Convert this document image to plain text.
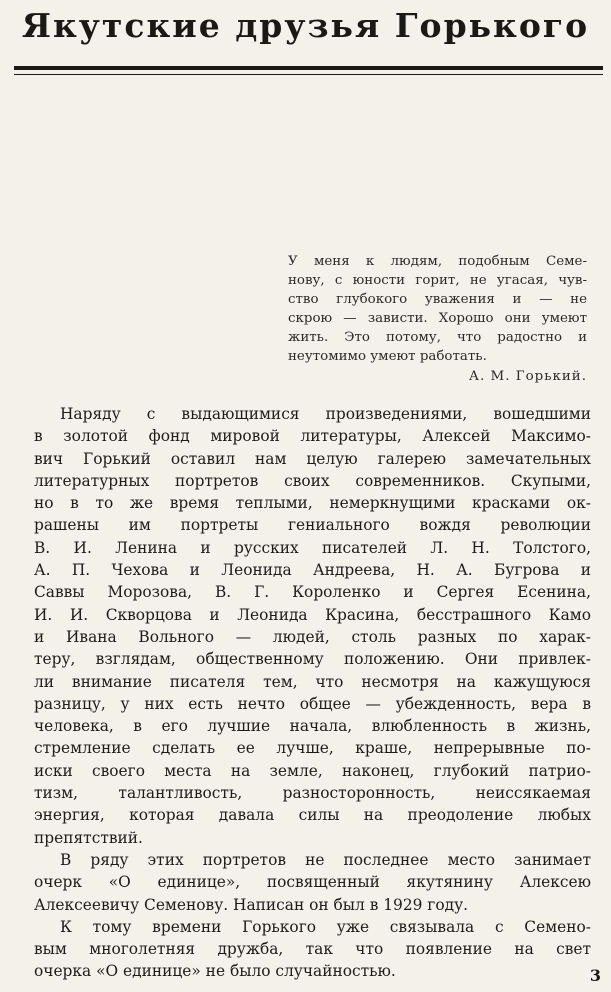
Якутские друзья Горького
У меня к людям, подобным Семе-
нову, с юности горит, не угасая, чув-
ство глубокого уважения и — не
скрою — зависти. Хорошо они умеют
жить. Это потому, что радостно и
неутомимо умеют работать.
А. М. Горький.
Наряду с выдающимися произведениями, вошедшими
в золотой фонд мировой литературы, Алексей Максимо-
вич Горький оставил нам целую галерею замечательных
литературных портретов своих современников. Скупыми,
но в то же время теплыми, немеркнущими красками ок-
рашены им портреты гениального вождя революции
В. И. Ленина и русских писателей Л. Н. Толстого,
А. П. Чехова и Леонида Андреева, Н. А. Бугрова и
Саввы Морозова, В. Г. Короленко и Сергея Есенина,
И. И. Скворцова и Леонида Красина, бесстрашного Камо
и Ивана Вольного — людей, столь разных по харак-
теру, взглядам, общественному положению. Они привлек-
ли внимание писателя тем, что несмотря на кажущуюся
разницу, у них есть нечто общее — убежденность, вера в
человека, в его лучшие начала, влюбленность в жизнь,
стремление сделать ее лучше, краше, непрерывные по-
иски своего места на земле, наконец, глубокий патрио-
тизм, талантливость, разносторонность, неиссякаемая
энергия, которая давала силы на преодоление любых
препятствий.
В ряду этих портретов не последнее место занимает
очерк «О единице», посвященный якутянину Алексею
Алексеевичу Семенову. Написан он был в 1929 году.
К тому времени Горького уже связывала с Семено-
вым многолетняя дружба, так что появление на свет
очерка «О единице» не было случайностью.	3
